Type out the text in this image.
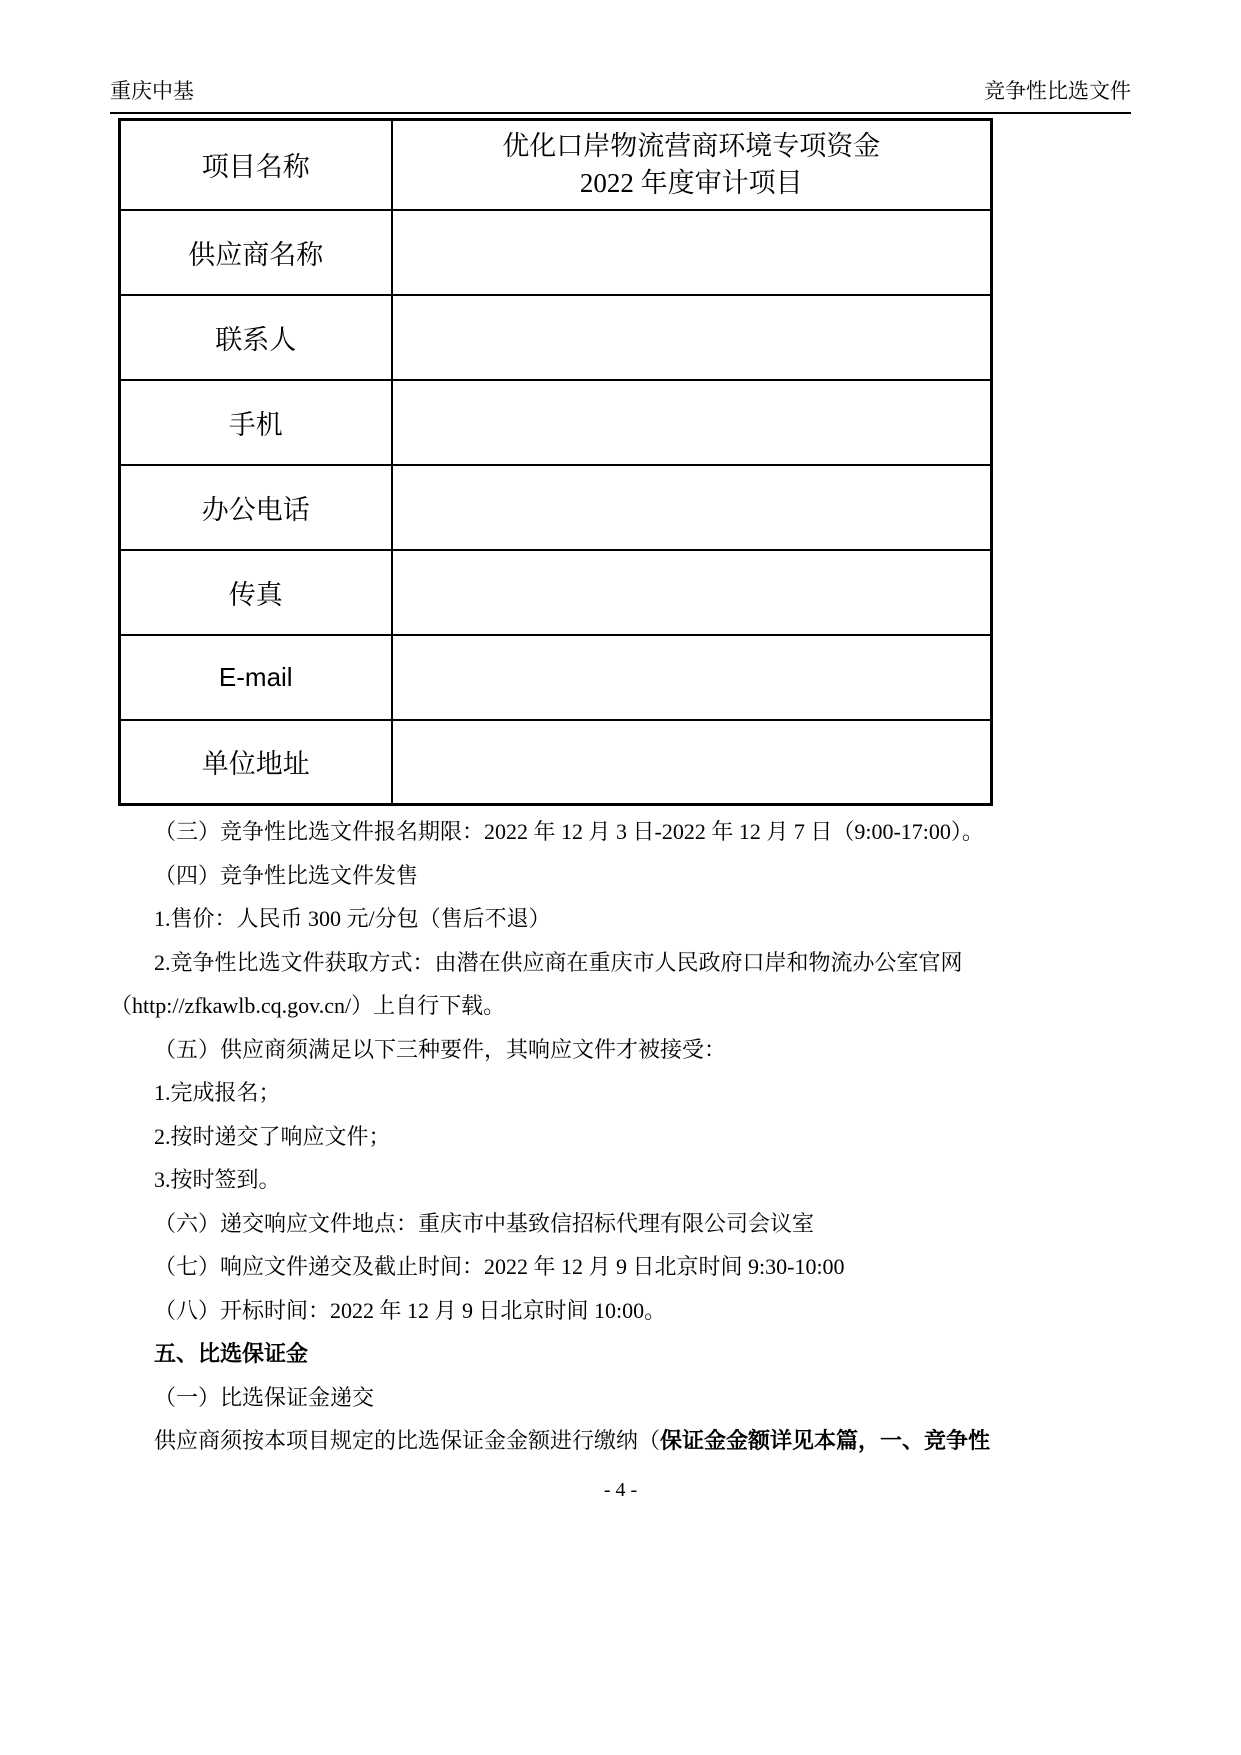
重庆中基	竞争性比选文件
项目名称	优化口岸物流营商环境专项资金
2022 年度审计项目

供应商名称	
联系人	
手机	
办公电话	
传真	
E-mail	
单位地址	
（三）竞争性比选文件报名期限：2022 年 12 月 3 日-2022 年 12 月 7 日（9:00-17:00）。
（四）竞争性比选文件发售
1.售价：人民币 300 元/分包（售后不退）
2.竞争性比选文件获取方式：由潜在供应商在重庆市人民政府口岸和物流办公室官网
（http://zfkawlb.cq.gov.cn/）上自行下载。
（五）供应商须满足以下三种要件，其响应文件才被接受：
1.完成报名；
2.按时递交了响应文件；
3.按时签到。
（六）递交响应文件地点：重庆市中基致信招标代理有限公司会议室
（七）响应文件递交及截止时间：2022 年 12 月 9 日北京时间 9:30-10:00
（八）开标时间：2022 年 12 月 9 日北京时间 10:00。
五、比选保证金
（一）比选保证金递交
供应商须按本项目规定的比选保证金金额进行缴纳（保证金金额详见本篇，一、竞争性
- 4 -
